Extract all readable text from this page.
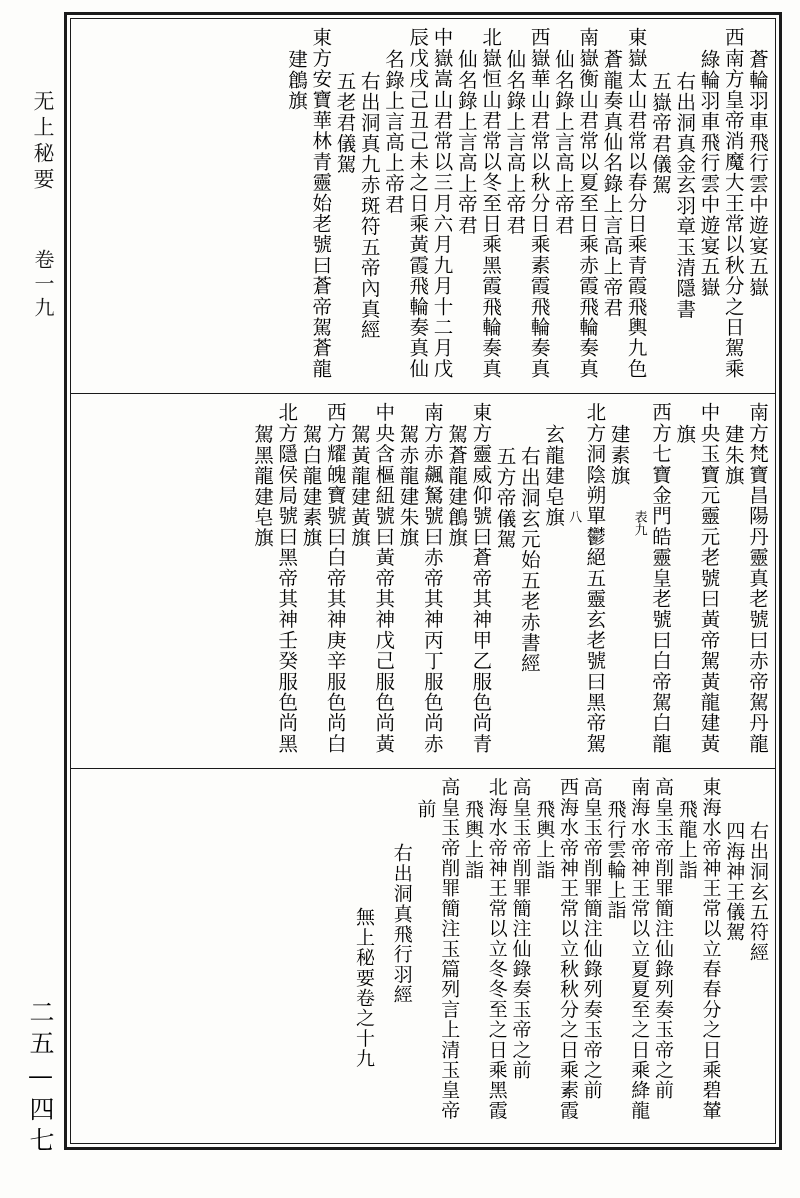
无上秘要 卷一九
二五—四七
蒼輪羽車飛行雲中遊宴五嶽
西南方皇帝消魔大王常以秋分之日駕乘
綠輪羽車飛行雲中遊宴五嶽
右出洞真金玄羽章玉清隱書
五嶽帝君儀駕
東嶽太山君常以春分日乘青霞飛輿九色
蒼龍奏真仙名錄上言高上帝君
南嶽衡山君常以夏至日乘赤霞飛輪奏真
仙名錄上言高上帝君
西嶽華山君常以秋分日乘素霞飛輪奏真
仙名錄上言高上帝君
北嶽恒山君常以冬至日乘黑霞飛輪奏真
仙名錄上言高上帝君
中嶽嵩山君常以三月六月九月十二月戊
辰戊戌己丑己未之日乘黃霞飛輪奏真仙
名錄上言高上帝君
右出洞真九赤斑符五帝內真經
五老君儀駕
東方安寶華林青靈始老號曰蒼帝駕蒼龍
建鶬旗
南方梵寶昌陽丹靈真老號曰赤帝駕丹龍
建朱旗
中央玉寶元靈元老號曰黃帝駕黃龍建黃
旗
西方七寶金門皓靈皇老號曰白帝駕白龍
表九
建素旗
北方洞陰朔單鬱絕五靈玄老號曰黑帝駕
八
玄龍建皂旗
右出洞玄元始五老赤書經
五方帝儀駕
東方靈威仰號曰蒼帝其神甲乙服色尚青
駕蒼龍建鶬旗
南方赤飆駑號曰赤帝其神丙丁服色尚赤
駕赤龍建朱旗
中央含樞紐號曰黃帝其神戊己服色尚黃
駕黃龍建黃旗
西方耀魄寶號曰白帝其神庚辛服色尚白
駕白龍建素旗
北方隱侯局號曰黑帝其神壬癸服色尚黑
駕黑龍建皂旗
右出洞玄五符經
四海神王儀駕
東海水帝神王常以立春春分之日乘碧輦
飛龍上詣
高皇玉帝削罪簡注仙錄列奏玉帝之前
南海水帝神王常以立夏夏至之日乘絳龍
飛行雲輪上詣
高皇玉帝削罪簡注仙錄列奏玉帝之前
西海水帝神王常以立秋秋分之日乘素霞
飛輿上詣
高皇玉帝削罪簡注仙錄奏玉帝之前
北海水帝神王常以立冬冬至之日乘黑霞
飛輿上詣
高皇玉帝削罪簡注玉篇列言上清玉皇帝
前
右出洞真飛行羽經
無上秘要卷之十九
